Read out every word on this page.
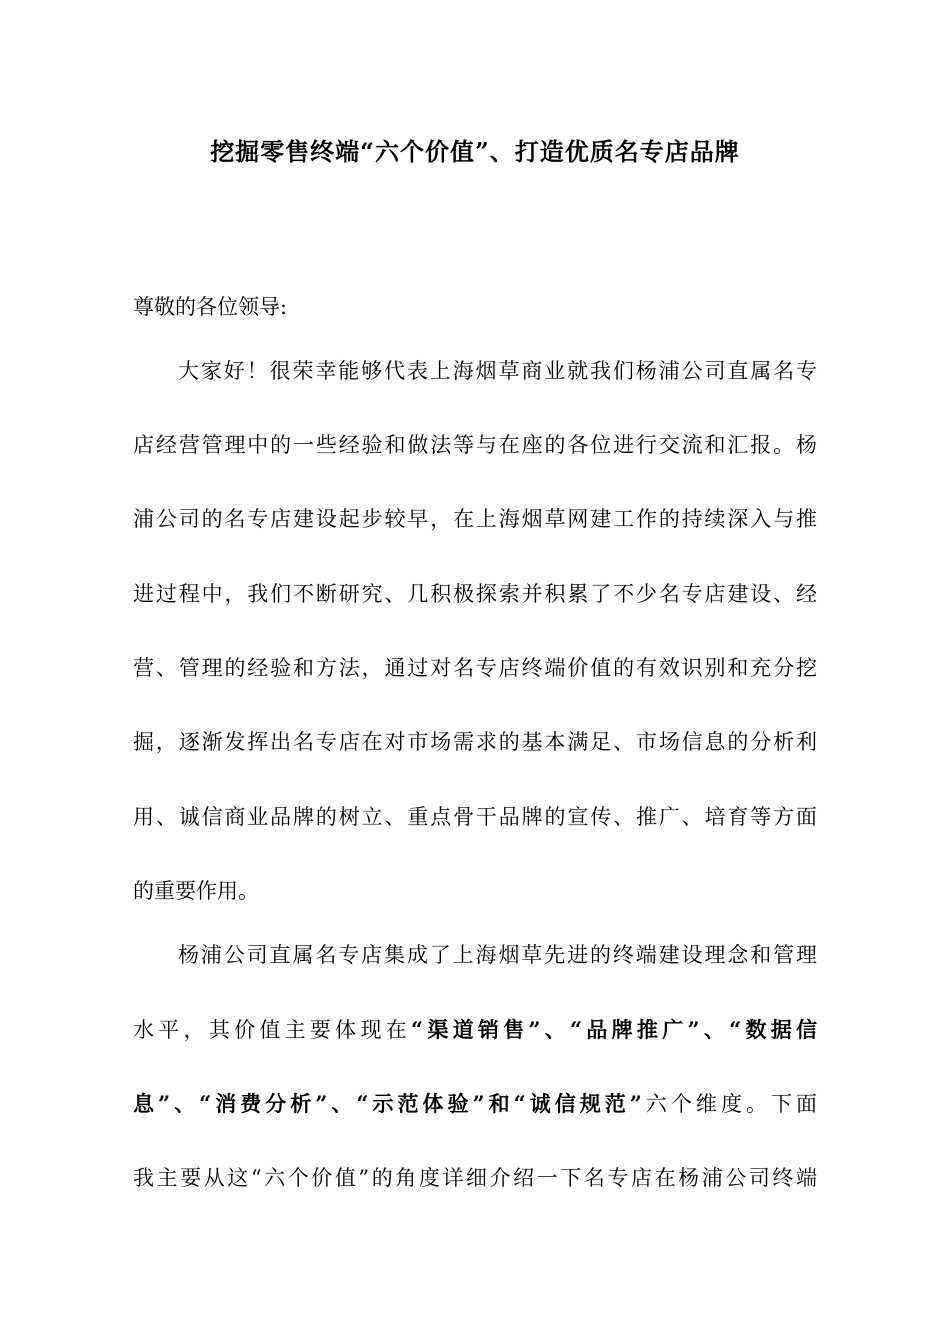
挖掘零售终端“六个价值”、打造优质名专店品牌
尊敬的各位领导:
大家好！很荣幸能够代表上海烟草商业就我们杨浦公司直属名专
店经营管理中的一些经验和做法等与在座的各位进行交流和汇报。杨
浦公司的名专店建设起步较早，在上海烟草网建工作的持续深入与推
进过程中，我们不断研究、几积极探索并积累了不少名专店建设、经
营、管理的经验和方法，通过对名专店终端价值的有效识别和充分挖
掘，逐渐发挥出名专店在对市场需求的基本满足、市场信息的分析利
用、诚信商业品牌的树立、重点骨干品牌的宣传、推广、培育等方面
的重要作用。
杨浦公司直属名专店集成了上海烟草先进的终端建设理念和管理
水平，其价值主要体现在“渠道销售”、“品牌推广”、“数据信
息”、“消费分析”、“示范体验”和“诚信规范”六个维度。下面
我主要从这“六个价值”的角度详细介绍一下名专店在杨浦公司终端
